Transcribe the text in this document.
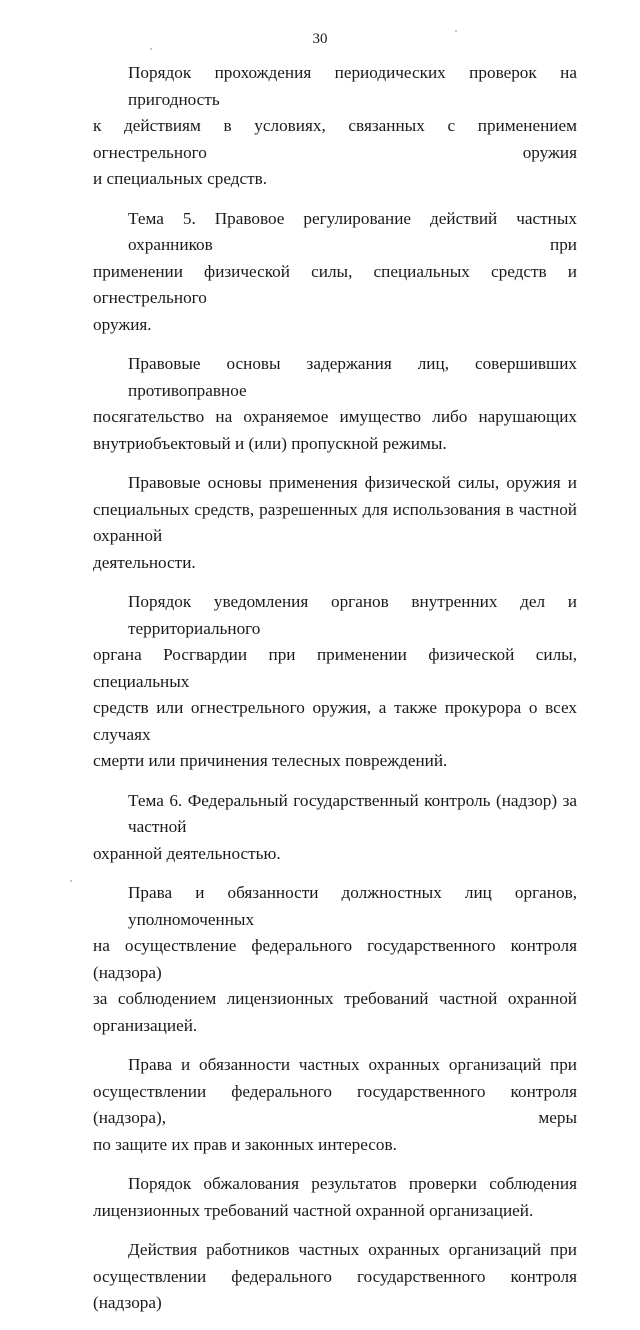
30
Порядок прохождения периодических проверок на пригодность
к действиям в условиях, связанных с применением огнестрельного оружия
и специальных средств.
Тема 5. Правовое регулирование действий частных охранников при
применении физической силы, специальных средств и огнестрельного
оружия.
Правовые основы задержания лиц, совершивших противоправное
посягательство на охраняемое имущество либо нарушающих
внутриобъектовый и (или) пропускной режимы.
Правовые основы применения физической силы, оружия и
специальных средств, разрешенных для использования в частной охранной
деятельности.
Порядок уведомления органов внутренних дел и территориального
органа Росгвардии при применении физической силы, специальных
средств или огнестрельного оружия, а также прокурора о всех случаях
смерти или причинения телесных повреждений.
Тема 6. Федеральный государственный контроль (надзор) за частной
охранной деятельностью.
Права и обязанности должностных лиц органов, уполномоченных
на осуществление федерального государственного контроля (надзора)
за соблюдением лицензионных требований частной охранной
организацией.
Права и обязанности частных охранных организаций при
осуществлении федерального государственного контроля (надзора), меры
по защите их прав и законных интересов.
Порядок обжалования результатов проверки соблюдения
лицензионных требований частной охранной организацией.
Действия работников частных охранных организаций при
осуществлении федерального государственного контроля (надзора)
